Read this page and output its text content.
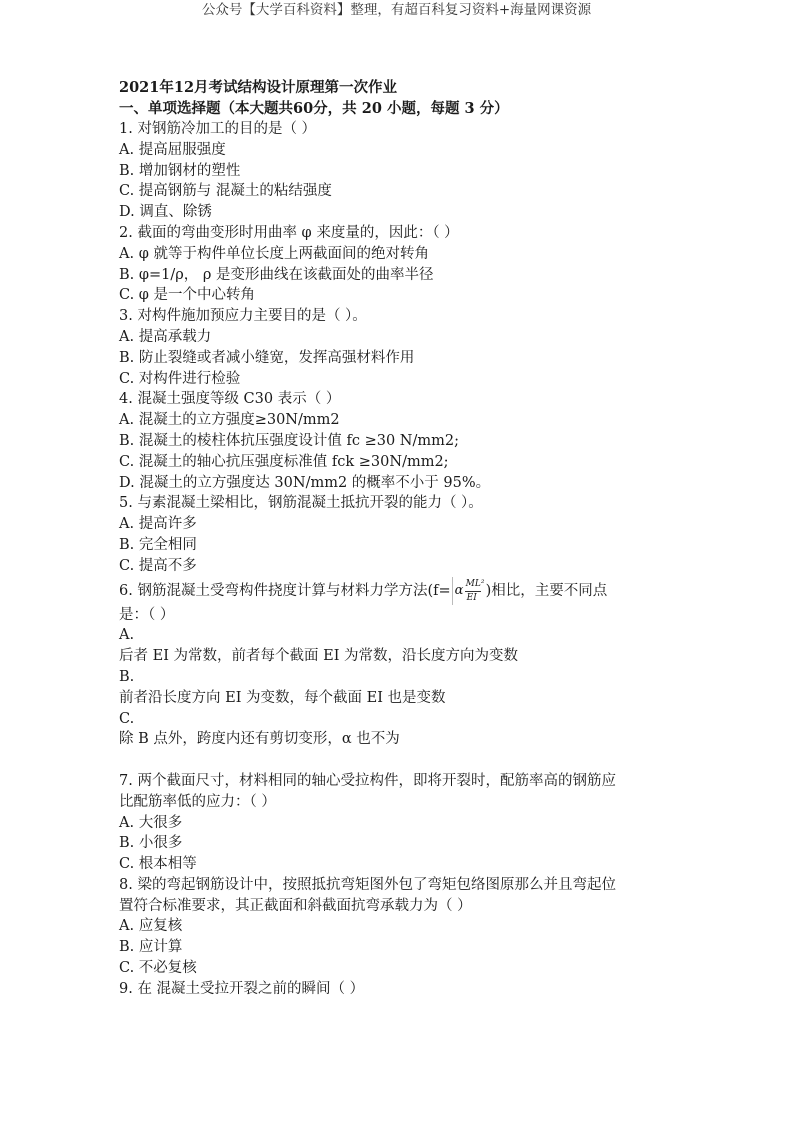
公众号【大学百科资料】整理，有超百科复习资料+海量网课资源
2021年12月考试结构设计原理第一次作业
一、单项选择题（本大题共60分，共 20 小题，每题 3 分）
1. 对钢筋冷加工的目的是（ ）
A. 提高屈服强度
B. 增加钢材的塑性
C. 提高钢筋与 混凝土的粘结强度
D. 调直、除锈
2. 截面的弯曲变形时用曲率 φ 来度量的，因此：（ ）
A. φ 就等于构件单位长度上两截面间的绝对转角
B. φ=1/ρ， ρ 是变形曲线在该截面处的曲率半径
C. φ 是一个中心转角
3. 对构件施加预应力主要目的是（ ）。
A. 提高承载力
B. 防止裂缝或者减小缝宽，发挥高强材料作用
C. 对构件进行检验
4. 混凝土强度等级 C30 表示（ ）
A. 混凝土的立方强度≥30N/mm2
B. 混凝土的棱柱体抗压强度设计值 fc ≥30 N/mm2;
C. 混凝土的轴心抗压强度标准值 fck ≥30N/mm2;
D. 混凝土的立方强度达 30N/mm2 的概率不小于 95%。
5. 与素混凝土梁相比，钢筋混凝土抵抗开裂的能力（ ）。
A. 提高许多
B. 完全相同
C. 提高不多
6. 钢筋混凝土受弯构件挠度计算与材料力学方法(f= α ML²
EI )相比，主要不同点
是：（ ）
A.
后者 EI 为常数，前者每个截面 EI 为常数，沿长度方向为变数
B.
前者沿长度方向 EI 为变数，每个截面 EI 也是变数
C.
除 B 点外，跨度内还有剪切变形，α 也不为
7. 两个截面尺寸，材料相同的轴心受拉构件，即将开裂时，配筋率高的钢筋应
比配筋率低的应力：（ ）
A. 大很多
B. 小很多
C. 根本相等
8. 梁的弯起钢筋设计中，按照抵抗弯矩图外包了弯矩包络图原那么并且弯起位
置符合标准要求，其正截面和斜截面抗弯承载力为（ ）
A. 应复核
B. 应计算
C. 不必复核
9. 在 混凝土受拉开裂之前的瞬间（ ）
